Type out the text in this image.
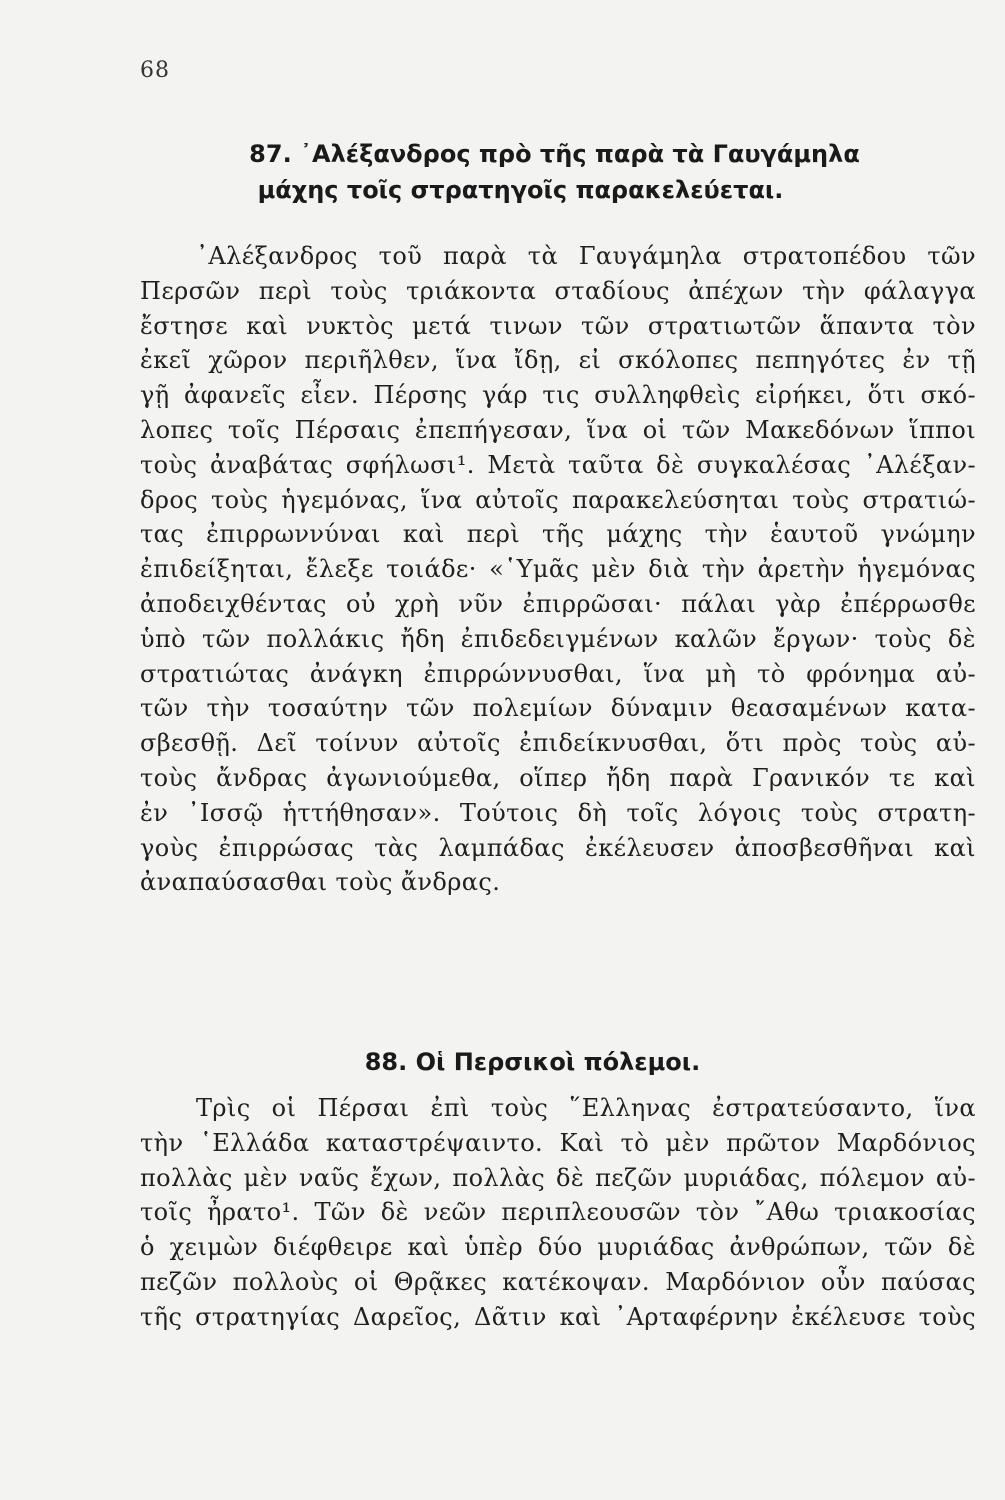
68
87. ᾿Αλέξανδρος πρὸ τῆς παρὰ τὰ Γαυγάμηλα
μάχης τοῖς στρατηγοῖς παρακελεύεται.
᾿Αλέξανδρος τοῦ παρὰ τὰ Γαυγάμηλα στρατοπέδου τῶν
Περσῶν περὶ τοὺς τριάκοντα σταδίους ἀπέχων τὴν φάλαγγα
ἔστησε καὶ νυκτὸς μετά τινων τῶν στρατιωτῶν ἅπαντα τὸν
ἐκεῖ χῶρον περιῆλθεν, ἵνα ἴδῃ, εἰ σκόλοπες πεπηγότες ἐν τῇ
γῇ ἀφανεῖς εἶεν. Πέρσης γάρ τις συλληφθεὶς εἰρήκει, ὅτι σκό-
λοπες τοῖς Πέρσαις ἐπεπήγεσαν, ἵνα οἱ τῶν Μακεδόνων ἵπποι
τοὺς ἀναβάτας σφήλωσι¹. Μετὰ ταῦτα δὲ συγκαλέσας ᾿Αλέξαν-
δρος τοὺς ἡγεμόνας, ἵνα αὐτοῖς παρακελεύσηται τοὺς στρατιώ-
τας ἐπιρρωννύναι καὶ περὶ τῆς μάχης τὴν ἑαυτοῦ γνώμην
ἐπιδείξηται, ἔλεξε τοιάδε· «῾Υμᾶς μὲν διὰ τὴν ἀρετὴν ἡγεμόνας
ἀποδειχθέντας οὐ χρὴ νῦν ἐπιρρῶσαι· πάλαι γὰρ ἐπέρρωσθε
ὑπὸ τῶν πολλάκις ἤδη ἐπιδεδειγμένων καλῶν ἔργων· τοὺς δὲ
στρατιώτας ἀνάγκη ἐπιρρώννυσθαι, ἵνα μὴ τὸ φρόνημα αὐ-
τῶν τὴν τοσαύτην τῶν πολεμίων δύναμιν θεασαμένων κατα-
σβεσθῇ. Δεῖ τοίνυν αὐτοῖς ἐπιδείκνυσθαι, ὅτι πρὸς τοὺς αὐ-
τοὺς ἄνδρας ἀγωνιούμεθα, οἵπερ ἤδη παρὰ Γρανικόν τε καὶ
ἐν ᾿Ισσῷ ἡττήθησαν». Τούτοις δὴ τοῖς λόγοις τοὺς στρατη-
γοὺς ἐπιρρώσας τὰς λαμπάδας ἐκέλευσεν ἀποσβεσθῆναι καὶ
ἀναπαύσασθαι τοὺς ἄνδρας.
88. Οἱ Περσικοὶ πόλεμοι.
Τρὶς οἱ Πέρσαι ἐπὶ τοὺς ῞Ελληνας ἐστρατεύσαντο, ἵνα
τὴν ῾Ελλάδα καταστρέψαιντο. Καὶ τὸ μὲν πρῶτον Μαρδόνιος
πολλὰς μὲν ναῦς ἔχων, πολλὰς δὲ πεζῶν μυριάδας, πόλεμον αὐ-
τοῖς ἦρατο¹. Τῶν δὲ νεῶν περιπλεουσῶν τὸν ῎Αθω τριακοσίας
ὁ χειμὼν διέφθειρε καὶ ὑπὲρ δύο μυριάδας ἀνθρώπων, τῶν δὲ
πεζῶν πολλοὺς οἱ Θρᾷκες κατέκοψαν. Μαρδόνιον οὖν παύσας
τῆς στρατηγίας Δαρεῖος, Δᾶτιν καὶ ᾿Αρταφέρνην ἐκέλευσε τοὺς
